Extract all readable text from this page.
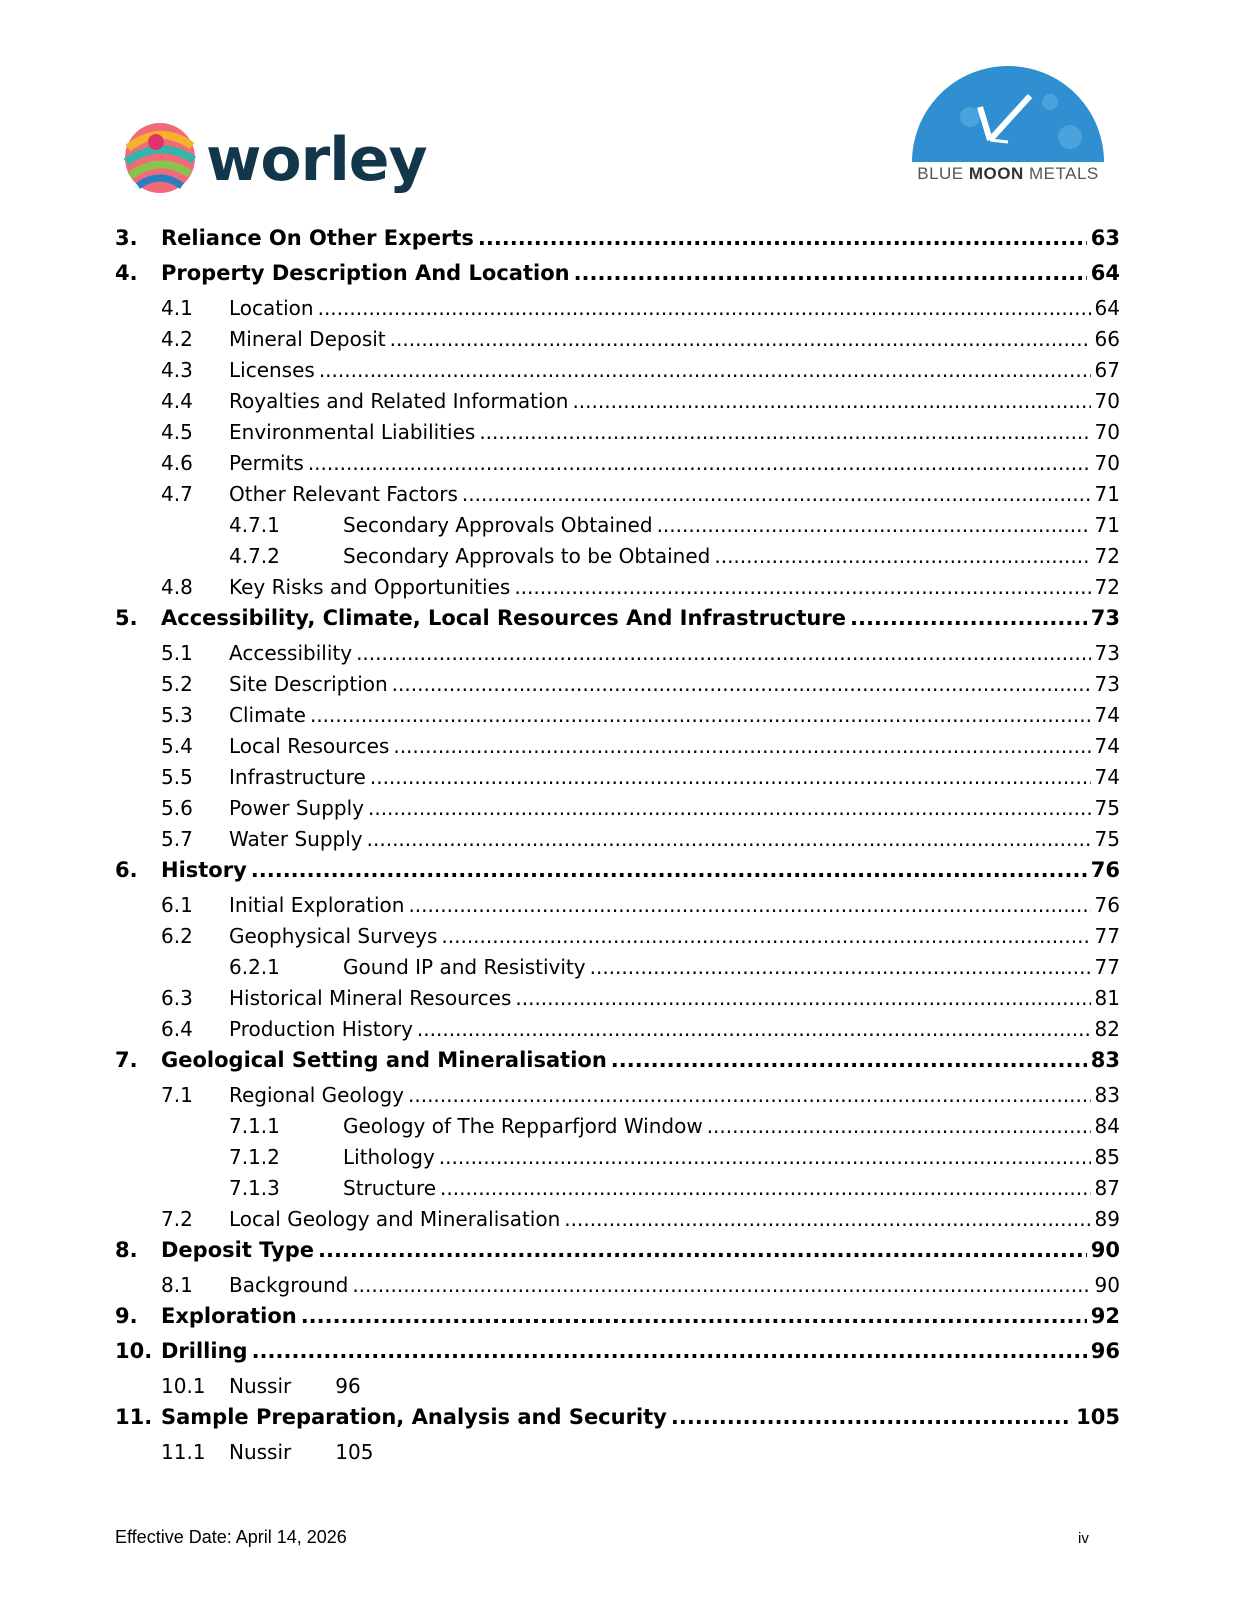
worley	BLUE MOON METALS
3.	Reliance On Other Experts .....	63
4.	Property Description And Location .....	64
4.1	Location .....	64
4.2	Mineral Deposit .....	66
4.3	Licenses .....	67
4.4	Royalties and Related Information .....	70
4.5	Environmental Liabilities .....	70
4.6	Permits .....	70
4.7	Other Relevant Factors .....	71
4.7.1	Secondary Approvals Obtained .....	71
4.7.2	Secondary Approvals to be Obtained .....	72
4.8	Key Risks and Opportunities .....	72
5.	Accessibility, Climate, Local Resources And Infrastructure .....	73
5.1	Accessibility .....	73
5.2	Site Description .....	73
5.3	Climate .....	74
5.4	Local Resources .....	74
5.5	Infrastructure .....	74
5.6	Power Supply .....	75
5.7	Water Supply .....	75
6.	History .....	76
6.1	Initial Exploration .....	76
6.2	Geophysical Surveys .....	77
6.2.1	Gound IP and Resistivity .....	77
6.3	Historical Mineral Resources .....	81
6.4	Production History .....	82
7.	Geological Setting and Mineralisation .....	83
7.1	Regional Geology .....	83
7.1.1	Geology of The Repparfjord Window .....	84
7.1.2	Lithology .....	85
7.1.3	Structure .....	87
7.2	Local Geology and Mineralisation .....	89
8.	Deposit Type .....	90
8.1	Background .....	90
9.	Exploration .....	92
10. Drilling .....	96
10.1	Nussir 96
11. Sample Preparation, Analysis and Security .....	105
11.1	Nussir 105
Effective Date: April 14, 2026	iv
